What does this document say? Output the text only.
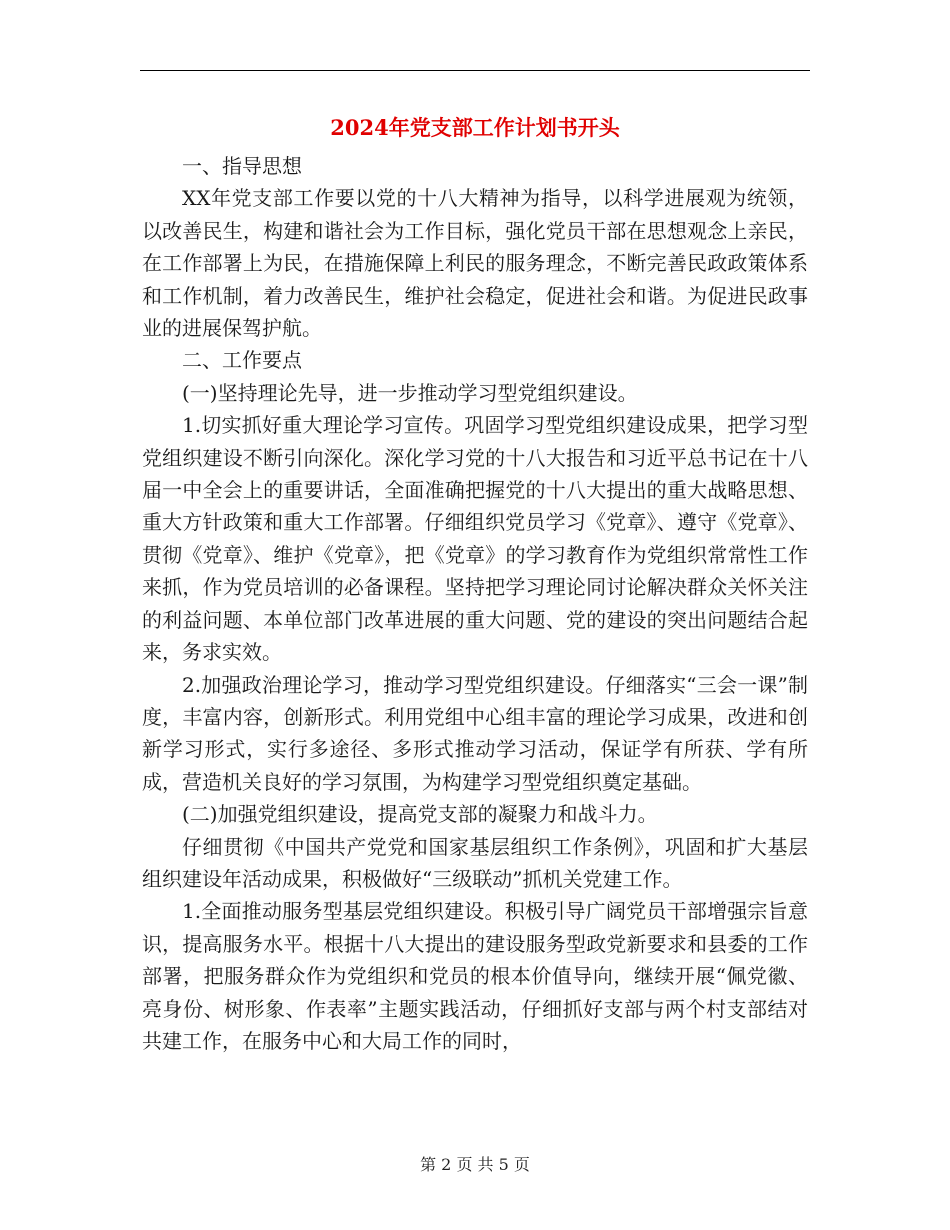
2024年党支部工作计划书开头

一、指导思想

XX年党支部工作要以党的十八大精神为指导，以科学进展观为统领，以改善民生，构建和谐社会为工作目标，强化党员干部在思想观念上亲民，在工作部署上为民，在措施保障上利民的服务理念，不断完善民政政策体系和工作机制，着力改善民生，维护社会稳定，促进社会和谐。为促进民政事业的进展保驾护航。

二、工作要点

(一)坚持理论先导，进一步推动学习型党组织建设。

1.切实抓好重大理论学习宣传。巩固学习型党组织建设成果，把学习型党组织建设不断引向深化。深化学习党的十八大报告和习近平总书记在十八届一中全会上的重要讲话，全面准确把握党的十八大提出的重大战略思想、重大方针政策和重大工作部署。仔细组织党员学习《党章》、遵守《党章》、贯彻《党章》、维护《党章》，把《党章》的学习教育作为党组织常常性工作来抓，作为党员培训的必备课程。坚持把学习理论同讨论解决群众关怀关注的利益问题、本单位部门改革进展的重大问题、党的建设的突出问题结合起来，务求实效。

2.加强政治理论学习，推动学习型党组织建设。仔细落实“三会一课”制度，丰富内容，创新形式。利用党组中心组丰富的理论学习成果，改进和创新学习形式，实行多途径、多形式推动学习活动，保证学有所获、学有所成，营造机关良好的学习氛围，为构建学习型党组织奠定基础。

(二)加强党组织建设，提高党支部的凝聚力和战斗力。

仔细贯彻《中国共产党党和国家基层组织工作条例》，巩固和扩大基层组织建设年活动成果，积极做好“三级联动”抓机关党建工作。

1.全面推动服务型基层党组织建设。积极引导广阔党员干部增强宗旨意识，提高服务水平。根据十八大提出的建设服务型政党新要求和县委的工作部署，把服务群众作为党组织和党员的根本价值导向，继续开展“佩党徽、亮身份、树形象、作表率”主题实践活动，仔细抓好支部与两个村支部结对共建工作，在服务中心和大局工作的同时，

第 2 页 共 5 页
